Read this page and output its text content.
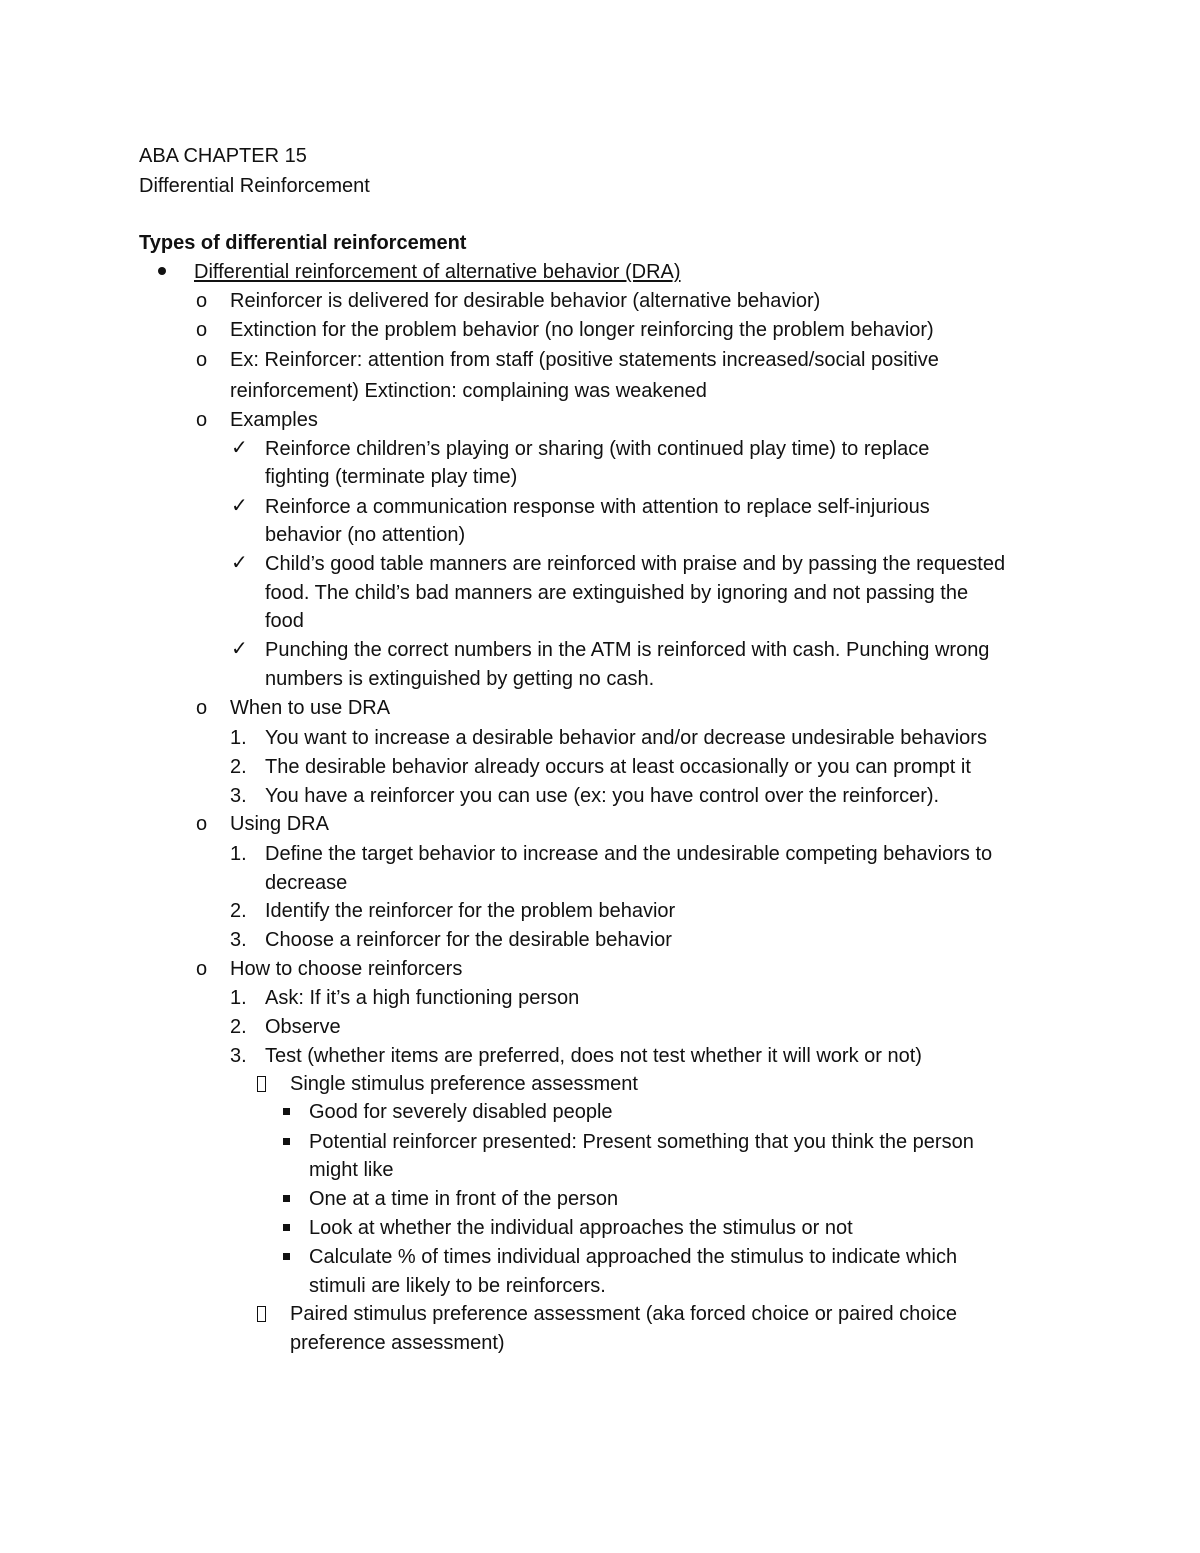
ABA CHAPTER 15
Differential Reinforcement
Types of differential reinforcement
Differential reinforcement of alternative behavior (DRA)
o Reinforcer is delivered for desirable behavior (alternative behavior)
o Extinction for the problem behavior (no longer reinforcing the problem behavior)
o Ex: Reinforcer: attention from staff (positive statements increased/social positive
reinforcement) Extinction: complaining was weakened
o Examples
✓ Reinforce children’s playing or sharing (with continued play time) to replace
fighting (terminate play time)
✓ Reinforce a communication response with attention to replace self-injurious
behavior (no attention)
✓ Child’s good table manners are reinforced with praise and by passing the requested
food. The child’s bad manners are extinguished by ignoring and not passing the
food
✓ Punching the correct numbers in the ATM is reinforced with cash. Punching wrong
numbers is extinguished by getting no cash.
o When to use DRA
1. You want to increase a desirable behavior and/or decrease undesirable behaviors
2. The desirable behavior already occurs at least occasionally or you can prompt it
3. You have a reinforcer you can use (ex: you have control over the reinforcer).
o Using DRA
1. Define the target behavior to increase and the undesirable competing behaviors to
decrease
2. Identify the reinforcer for the problem behavior
3. Choose a reinforcer for the desirable behavior
o How to choose reinforcers
1. Ask: If it’s a high functioning person
2. Observe
3. Test (whether items are preferred, does not test whether it will work or not)
Single stimulus preference assessment
Good for severely disabled people
Potential reinforcer presented: Present something that you think the person
might like
One at a time in front of the person
Look at whether the individual approaches the stimulus or not
Calculate % of times individual approached the stimulus to indicate which
stimuli are likely to be reinforcers.
Paired stimulus preference assessment (aka forced choice or paired choice
preference assessment)
